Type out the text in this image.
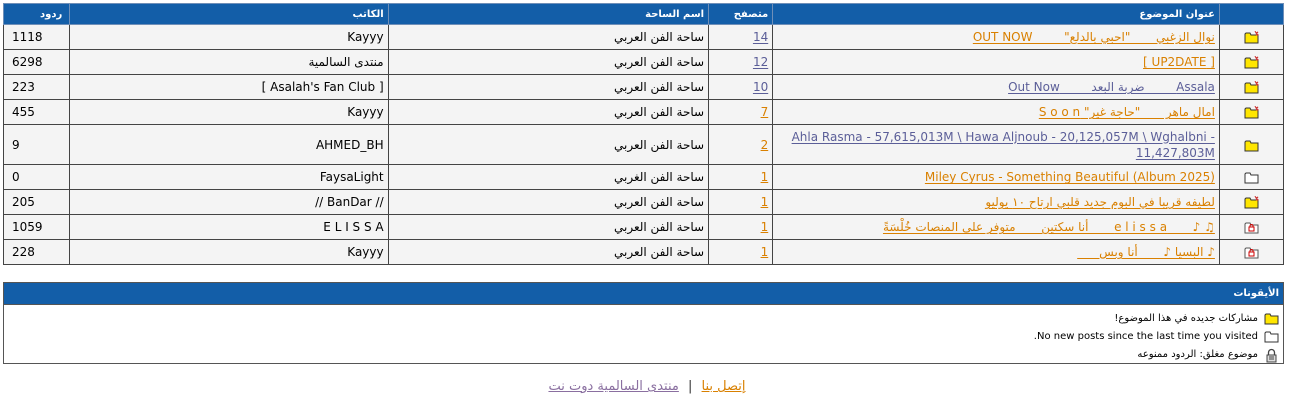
	عنوان الموضوع	متصفح	اسم الساحة	الكاتب	ردود

	نوال الزغبي ___ "احبي بالدلع" ____ OUT NOW	14	ساحة الفن العربي	Kayyy	1118

	[ UP2DATE ]	12	ساحة الفن العربي	منتدى السالمية	6298

	Assala ____ ضربة البعد ____ Out Now	10	ساحة الفن العربي	[ Asalah's Fan Club ]	223

	امال ماهر ___ "حاجة غير" S o o n	7	ساحة الفن العربي	Kayyy	455

	Ahla Rasma - 57,615,013M \ Hawa Aljnoub - 20,125,057M \ Wghalbni - 11,427,803M	2	ساحة الفن العربي	AHMED_BH	9

	Miley Cyrus - Something Beautiful (Album 2025)	1	ساحة الفن الغربي	FaysaLight	0

	لطيفه قريبا في البوم جديد قلبي ارتاح ١٠ يوليو	1	ساحة الفن العربي	// BanDar //	205

	♫ ♪ ___ e l i s s a ___ أنا سكتين ___ متوفر على المنصات خُلْسَةً	1	ساحة الفن العربي	E L I S S A	1059

	♪ البسيا ♪ ___ أنا وبس ___	1	ساحة الفن العربي	Kayyy	228
الأيقونات
مشاركات جديده في هذا الموضوع!
No new posts since the last time you visited.
موضوع مغلق: الردود ممنوعه
إتصل بنا | منتدى السالمية دوت نت
